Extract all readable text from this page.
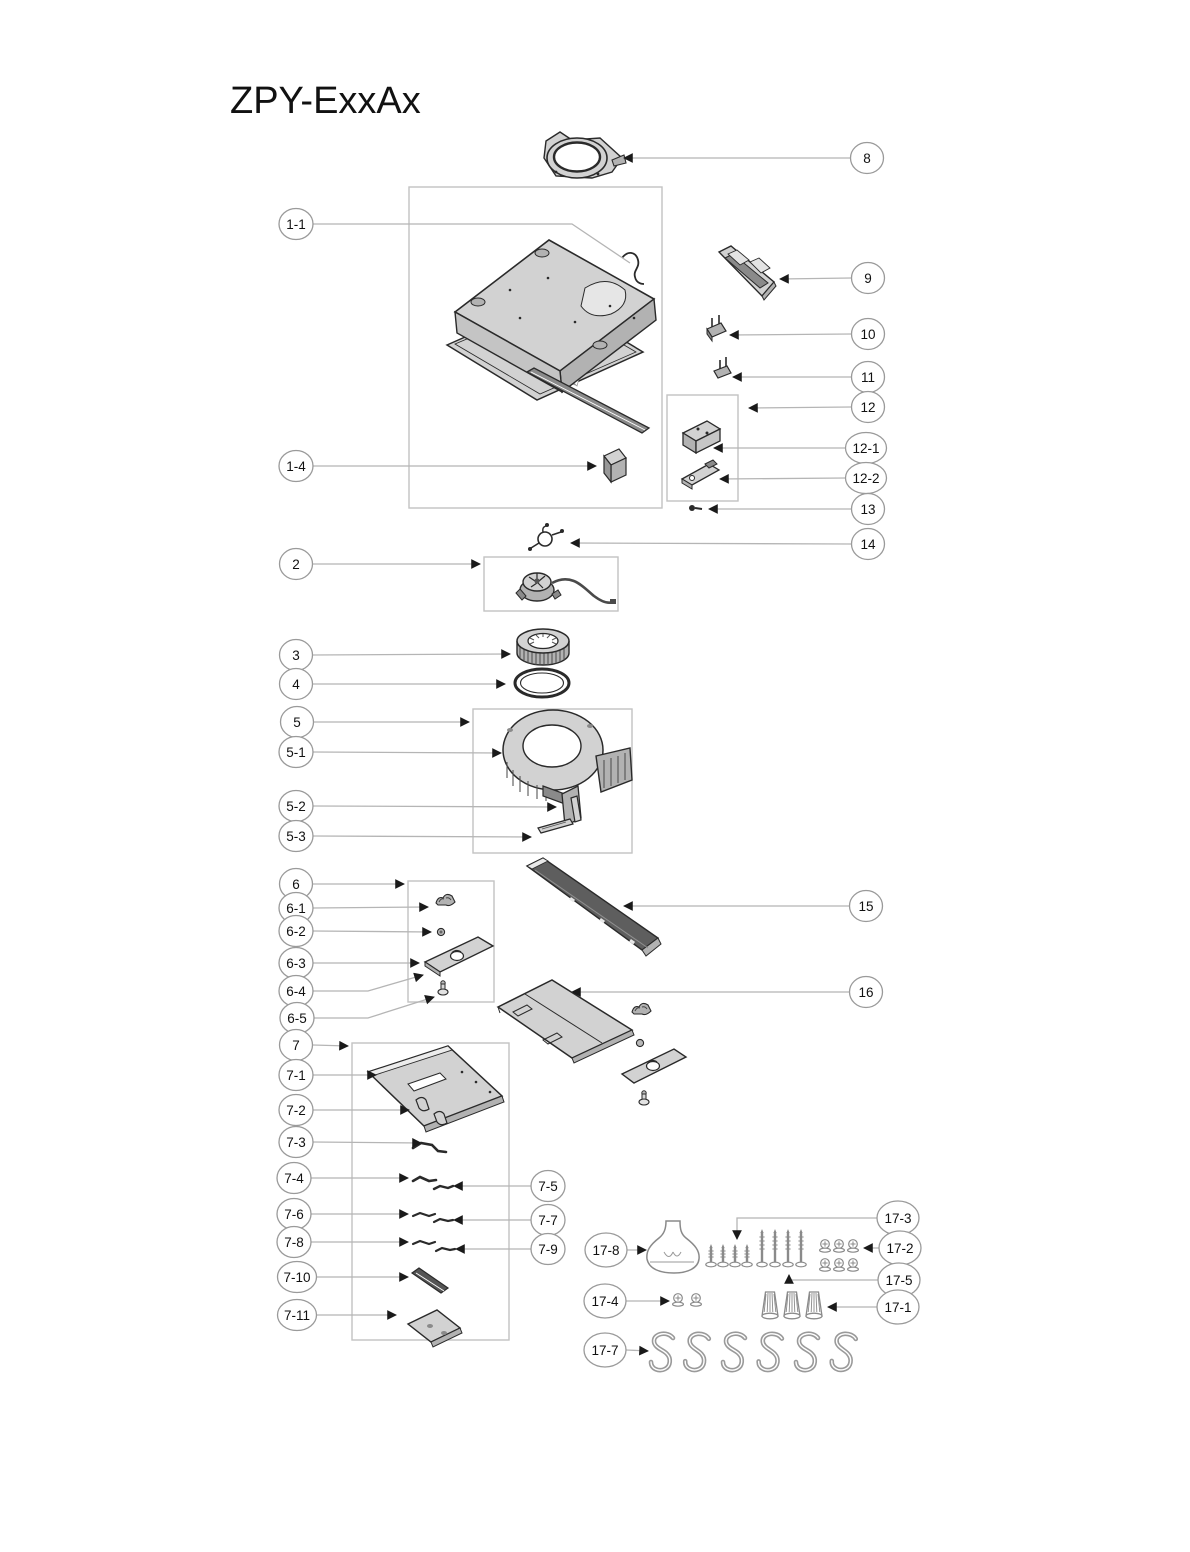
ZPY-ExxAx
1-1
1-4
2
3
4
5
5-1
5-2
5-3
6
6-1
6-2
6-3
6-4
6-5
7
7-1
7-2
7-3
7-4
7-5
7-6	7-7
7-8	7-9
7-10
7-11
8
9
10
11
12
12-1
12-2
13
14
15
16
17-8
17-4
17-7
17-3
17-2
17-5
17-1
